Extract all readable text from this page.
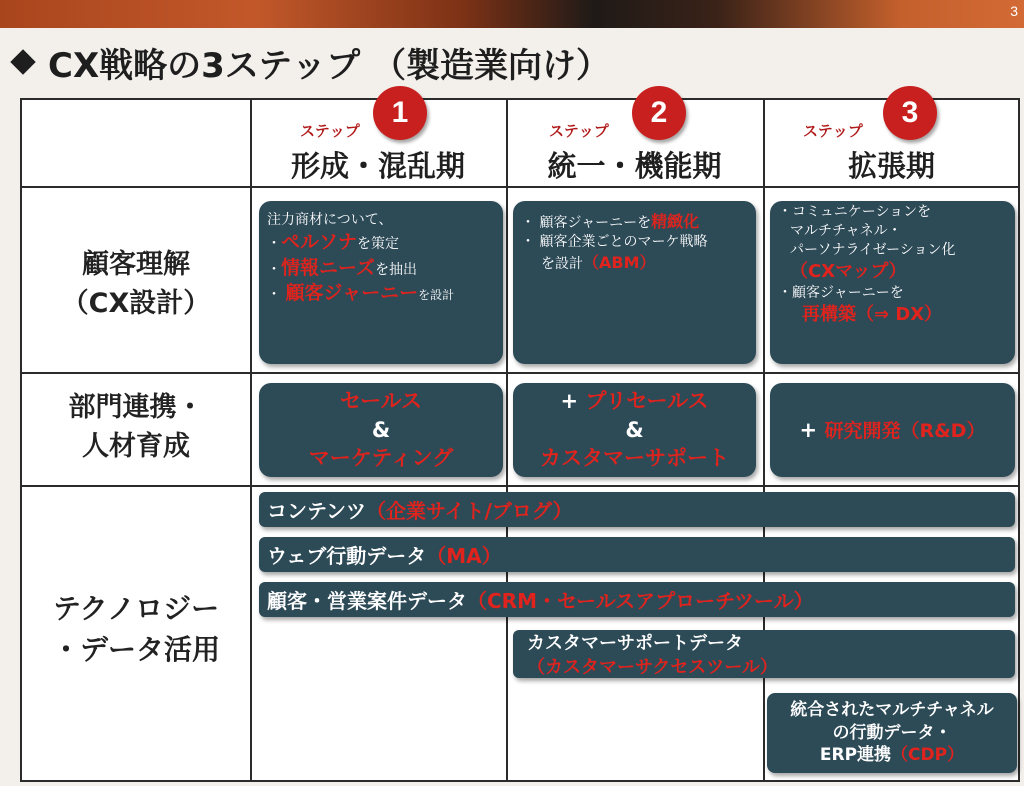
3
CX戦略の3ステップ （製造業向け）
ステップ
1
形成・混乱期
ステップ
2
統一・機能期
ステップ
3
拡張期
顧客理解
（CX設計）
部門連携・
人材育成
テクノロジー
・データ活用
注力商材について、
・ペルソナを策定
・情報ニーズを抽出
・ 顧客ジャーニーを設計
・ 顧客ジャーニーを精緻化
・ 顧客企業ごとのマーケ戦略
を設計（ABM）
・コミュニケーションを
マルチチャネル・
パーソナライゼーション化
（CXマップ）
・顧客ジャーニーを
再構築（⇒ DX）
セールス
&
マーケティング
+ プリセールス
&
カスタマーサポート
+ 研究開発（R&D）
コンテンツ （企業サイト/ブログ）
ウェブ行動データ （MA）
顧客・営業案件データ （CRM・セールスアプローチツール）
カスタマーサポートデータ
（カスタマーサクセスツール）
統合されたマルチチャネル
の行動データ・
ERP連携（CDP）
